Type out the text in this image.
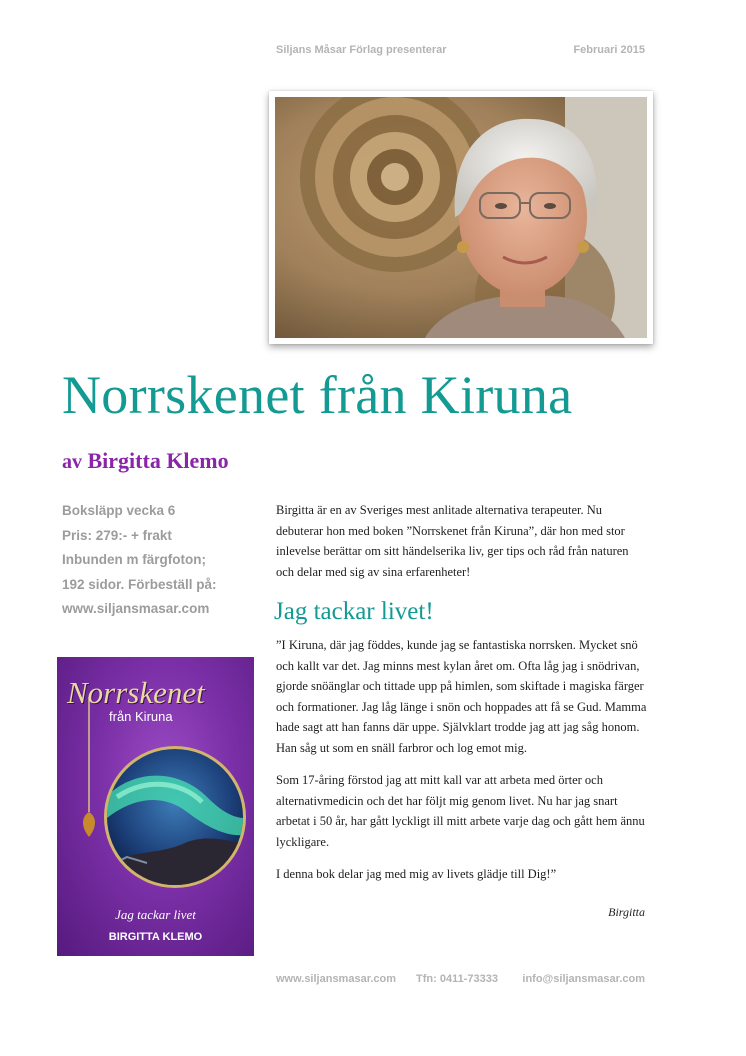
Siljans Måsar Förlag presenterar	Februari 2015
Norrskenet från Kiruna
av Birgitta Klemo
Boksläpp vecka 6
Pris: 279:- + frakt
Inbunden m färgfoton;
192 sidor. Förbeställ på:
www.siljansmasar.com
Norrskenet
från Kiruna
Jag tackar livet
BIRGITTA KLEMO

Birgitta är en av Sveriges mest anlitade alternativa terapeuter. Nu debuterar hon med boken ”Norrskenet från Kiruna”, där hon med stor inlevelse berättar om sitt händelserika liv, ger tips och råd från naturen och delar med sig av sina erfarenheter!

Jag tackar livet!

”I Kiruna, där jag föddes, kunde jag se fantastiska norrsken. Mycket snö och kallt var det. Jag minns mest kylan året om. Ofta låg jag i snödrivan, gjorde snöänglar och tittade upp på himlen, som skiftade i magiska färger och formationer. Jag låg länge i snön och hoppades att få se Gud. Mamma hade sagt att han fanns där uppe. Självklart trodde jag att jag såg honom. Han såg ut som en snäll farbror och log emot mig.

Som 17-åring förstod jag att mitt kall var att arbeta med örter och alternativmedicin och det har följt mig genom livet. Nu har jag snart arbetat i 50 år, har gått lyckligt ill mitt arbete varje dag och gått hem ännu lyckligare.

I denna bok delar jag med mig av livets glädje till Dig!”

Birgitta
www.siljansmasar.com Tfn: 0411-73333 info@siljansmasar.com
